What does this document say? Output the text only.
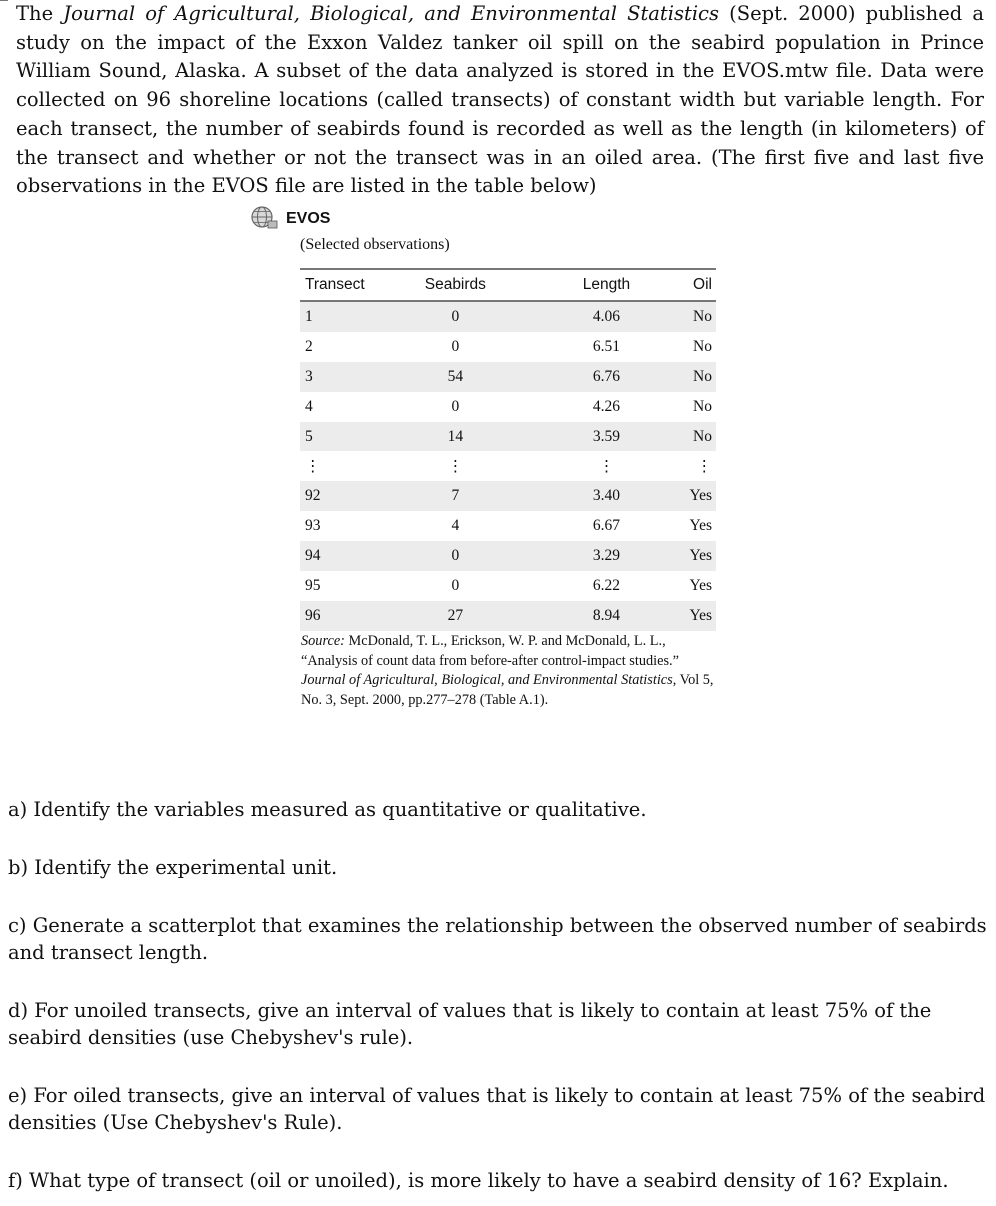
The Journal of Agricultural, Biological, and Environmental Statistics (Sept. 2000) published a study on the impact of the Exxon Valdez tanker oil spill on the seabird population in Prince William Sound, Alaska. A subset of the data analyzed is stored in the EVOS.mtw file. Data were collected on 96 shoreline locations (called transects) of constant width but variable length. For each transect, the number of seabirds found is recorded as well as the length (in kilometers) of the transect and whether or not the transect was in an oiled area. (The first five and last five observations in the EVOS file are listed in the table below)

EVOS
(Selected observations)
Transect	Seabirds	Length	Oil
1	0	4.06	No
2	0	6.51	No
3	54	6.76	No
4	0	4.26	No
5	14	3.59	No
⋮	⋮	⋮	⋮
92	7	3.40	Yes
93	4	6.67	Yes
94	0	3.29	Yes
95	0	6.22	Yes
96	27	8.94	Yes

Source: McDonald, T. L., Erickson, W. P. and McDonald, L. L., “Analysis of count data from before-after control-impact studies.” Journal of Agricultural, Biological, and Environmental Statistics, Vol 5, No. 3, Sept. 2000, pp.277–278 (Table A.1).

a) Identify the variables measured as quantitative or qualitative.

b) Identify the experimental unit.

c) Generate a scatterplot that examines the relationship between the observed number of seabirds and transect length.

d) For unoiled transects, give an interval of values that is likely to contain at least 75% of the seabird densities (use Chebyshev's rule).

e) For oiled transects, give an interval of values that is likely to contain at least 75% of the seabird densities (Use Chebyshev's Rule).

f) What type of transect (oil or unoiled), is more likely to have a seabird density of 16? Explain.
